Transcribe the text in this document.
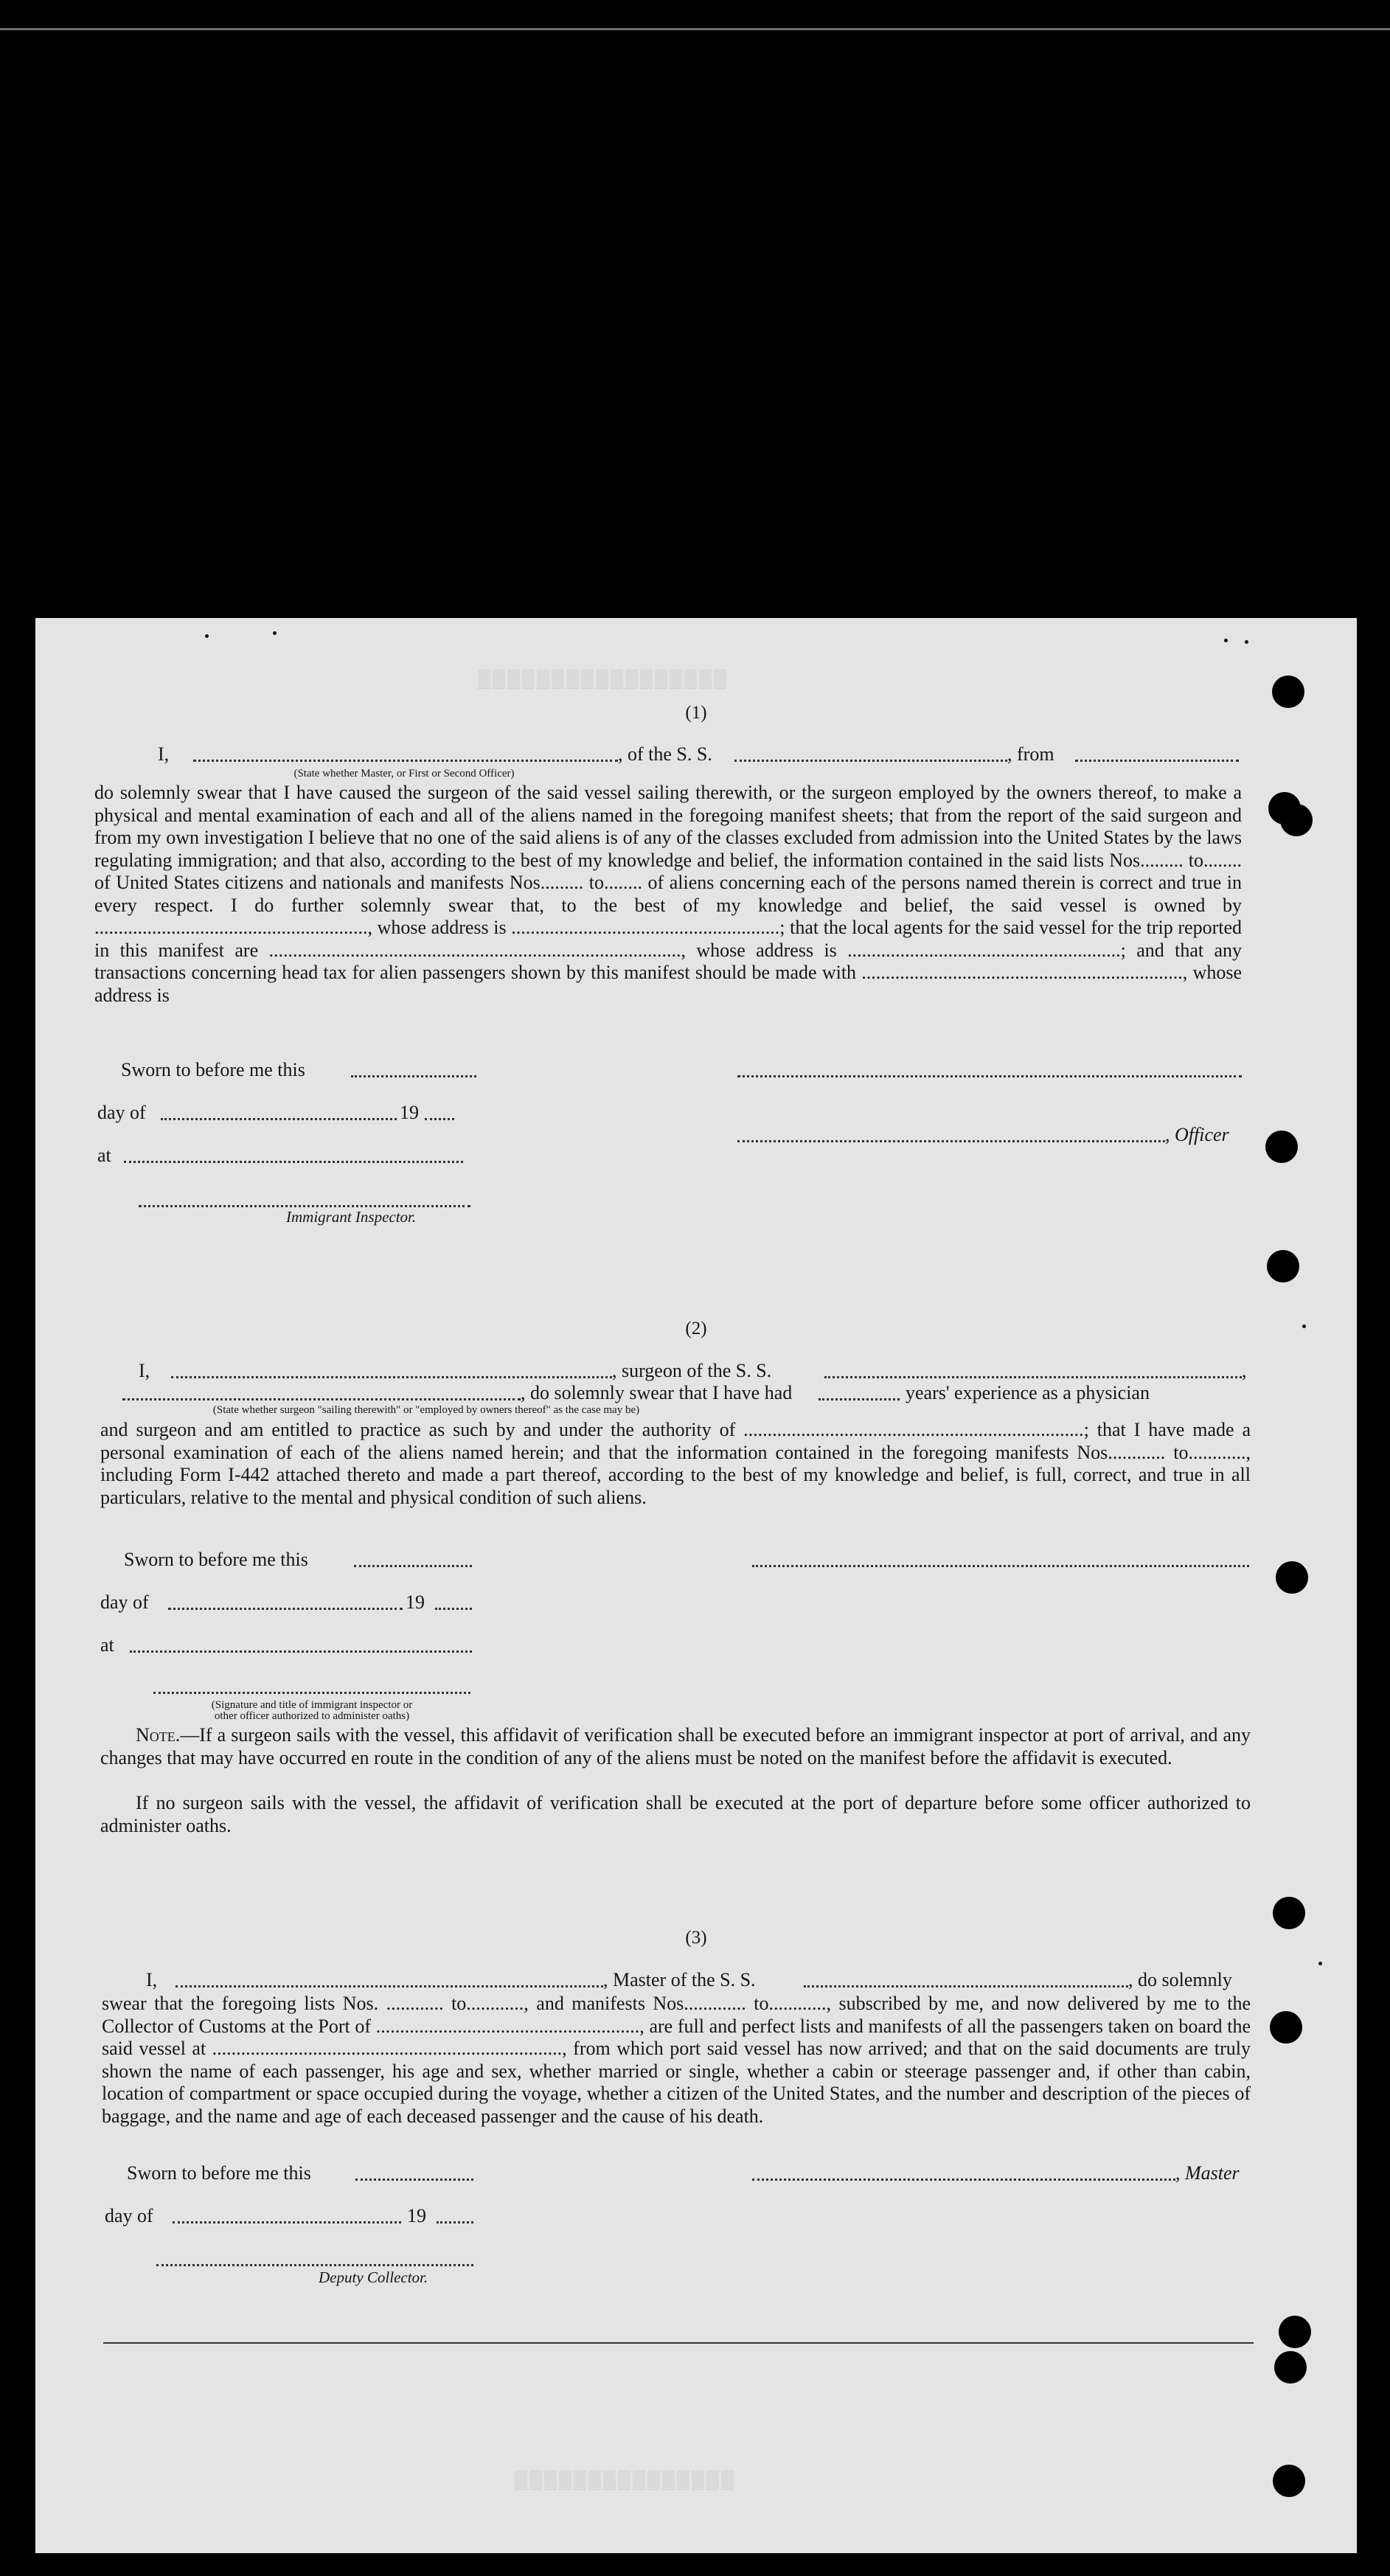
▒▒▒▒▒▒▒▒▒▒▒▒▒▒▒▒▒
▒▒▒▒▒▒▒▒▒▒▒▒▒▒▒
(1)
I,	, of the S. S.	, from
(State whether Master, or First or Second Officer)
do solemnly swear that I have caused the surgeon of the said vessel sailing therewith, or the surgeon employed by the owners thereof, to make a physical and mental examination of each and all of the aliens named in the foregoing manifest sheets; that from the report of the said surgeon and from my own investigation I believe that no one of the said aliens is of any of the classes excluded from admission into the United States by the laws regulating immigration; and that also, according to the best of my knowledge and belief, the information contained in the said lists Nos......... to........ of United States citizens and nationals and manifests Nos......... to........ of aliens concerning each of the persons named therein is correct and true in every respect. I do further solemnly swear that, to the best of my knowledge and belief, the said vessel is owned by ........................................................., whose address is ........................................................; that the local agents for the said vessel for the trip reported in this manifest are ......................................................................................, whose address is .........................................................; and that any transactions concerning head tax for alien passengers shown by this manifest should be made with ..................................................................., whose address is
Sworn to before me this
day of	19
, Officer
at
Immigrant Inspector.
(2)
I,	, surgeon of the S. S.	,
, do solemnly swear that I have had	years' experience as a physician
(State whether surgeon "sailing therewith" or "employed by owners thereof" as the case may be)
and surgeon and am entitled to practice as such by and under the authority of .......................................................................; that I have made a personal examination of each of the aliens named herein; and that the information contained in the foregoing manifests Nos............ to............, including Form I-442 attached thereto and made a part thereof, according to the best of my knowledge and belief, is full, correct, and true in all particulars, relative to the mental and physical condition of such aliens.
Sworn to before me this
day of	19
at
(Signature and title of immigrant inspector or
other officer authorized to administer oaths)
Note.—If a surgeon sails with the vessel, this affidavit of verification shall be executed before an immigrant inspector at port of arrival, and any changes that may have occurred en route in the condition of any of the aliens must be noted on the manifest before the affidavit is executed.
If no surgeon sails with the vessel, the affidavit of verification shall be executed at the port of departure before some officer authorized to administer oaths.
(3)
I,	, Master of the S. S.	, do solemnly
swear that the foregoing lists Nos. ............ to............, and manifests Nos............. to............, subscribed by me, and now delivered by me to the Collector of Customs at the Port of ......................................................., are full and perfect lists and manifests of all the passengers taken on board the said vessel at ........................................................................., from which port said vessel has now arrived; and that on the said documents are truly shown the name of each passenger, his age and sex, whether married or single, whether a cabin or steerage passenger and, if other than cabin, location of compartment or space occupied during the voyage, whether a citizen of the United States, and the number and description of the pieces of baggage, and the name and age of each deceased passenger and the cause of his death.
Sworn to before me this	, Master
day of	19
Deputy Collector.
